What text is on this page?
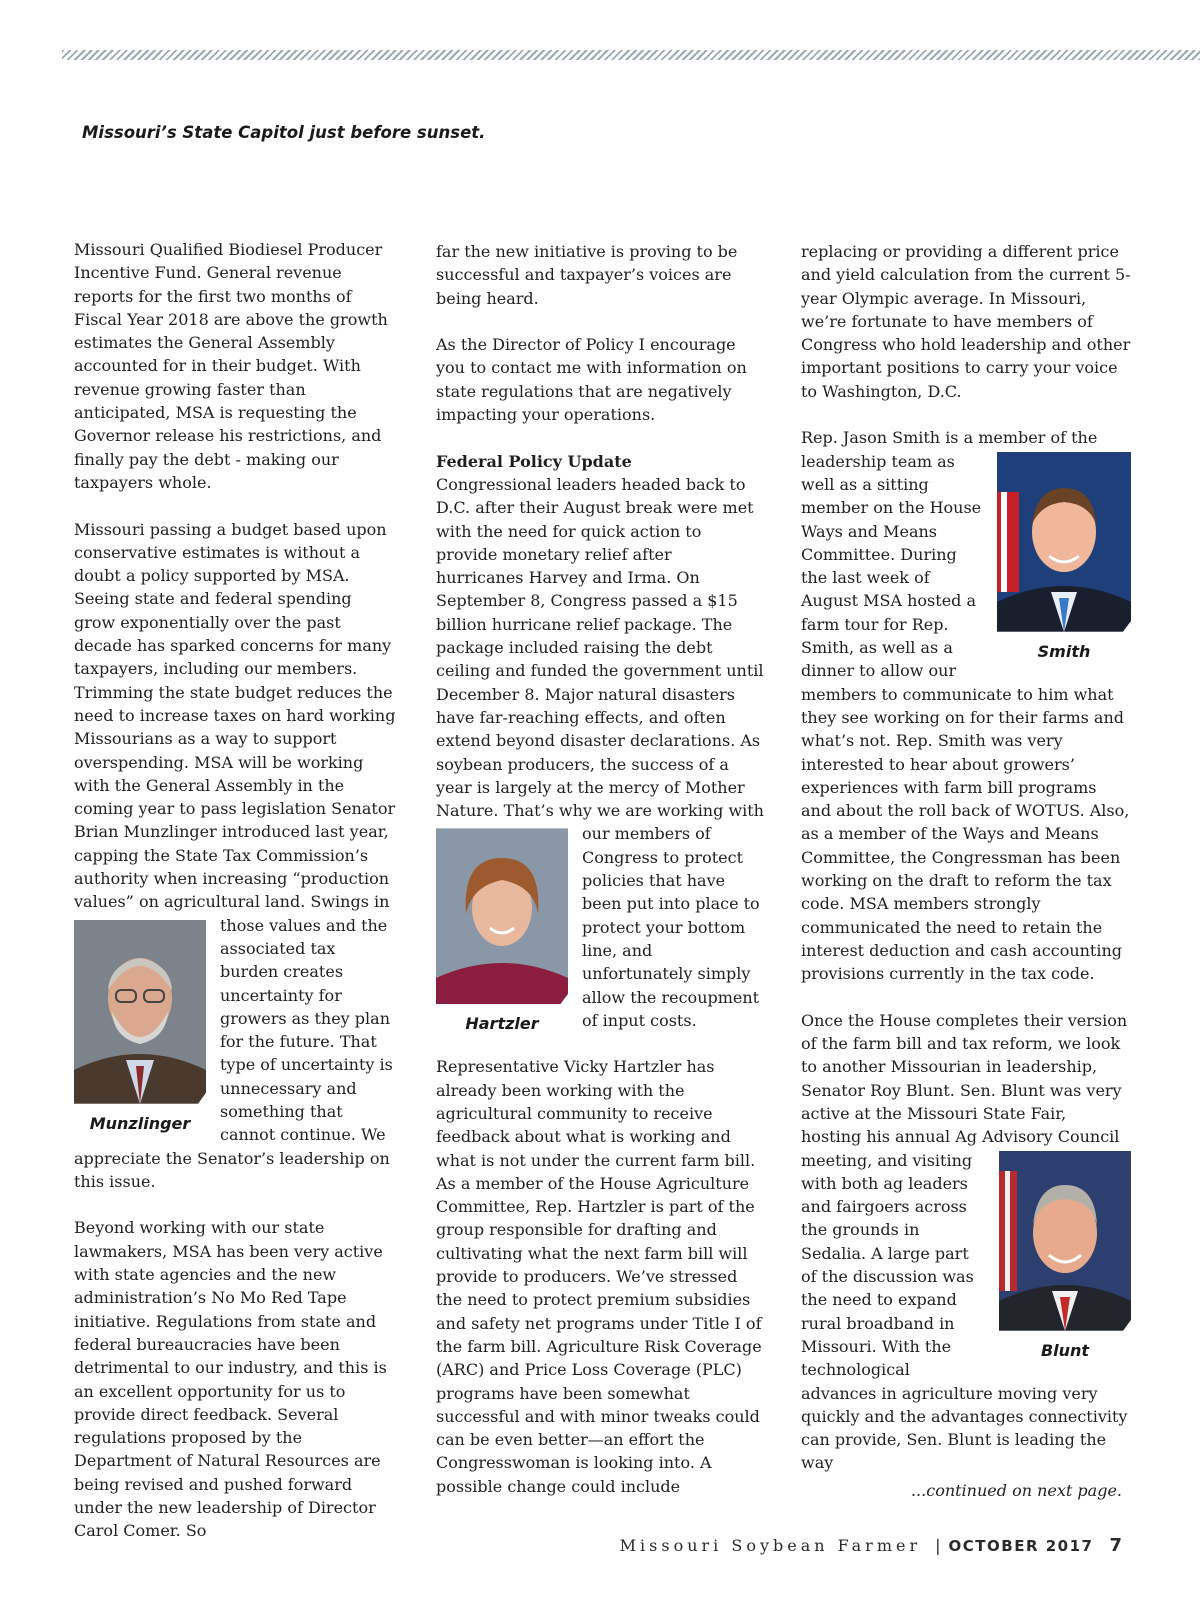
Missouri’s State Capitol just before sunset.

Missouri Qualified Biodiesel Producer Incentive Fund. General revenue reports for the first two months of Fiscal Year 2018 are above the growth estimates the General Assembly accounted for in their budget. With revenue growing faster than anticipated, MSA is requesting the Governor release his restrictions, and finally pay the debt - making our taxpayers whole.

Missouri passing a budget based upon conservative estimates is without a doubt a policy supported by MSA. Seeing state and federal spending grow exponentially over the past decade has sparked concerns for many taxpayers, including our members. Trimming the state budget reduces the need to increase taxes on hard working Missourians as a way to support overspending. MSA will be working with the General Assembly in the coming year to pass legislation Senator Brian Munzlinger introduced last year, capping the State Tax Commission’s authority when increasing “production values” on agricultural land. Swings
Munzlinger
in those values and the associated tax burden creates uncertainty for growers as they plan for the future. That type of uncertainty is unnecessary and something that cannot continue. We appreciate the Senator’s leadership on this issue.

Beyond working with our state lawmakers, MSA has been very active with state agencies and the new administration’s No Mo Red Tape initiative. Regulations from state and federal bureaucracies have been detrimental to our industry, and this is an excellent opportunity for us to provide direct feedback. Several regulations proposed by the Department of Natural Resources are being revised and pushed forward under the new leadership of Director Carol Comer. So

far the new initiative is proving to be successful and taxpayer’s voices are being heard.

As the Director of Policy I encourage you to contact me with information on state regulations that are negatively impacting your operations.

Federal Policy Update
Congressional leaders headed back to D.C. after their August break were met with the need for quick action to provide monetary relief after hurricanes Harvey and Irma. On September 8, Congress passed a $15 billion hurricane relief package. The package included raising the debt ceiling and funded the government until December 8. Major natural disasters have far-reaching effects, and often extend beyond disaster declarations. As soybean producers, the success of a year is largely at the mercy of Mother Nature. That’s why we are
Hartzler
working with our members of Congress to protect policies that have been put into place to protect your bottom line, and unfortunately simply allow the recoupment of input costs.

Representative Vicky Hartzler has already been working with the agricultural community to receive feedback about what is working and what is not under the current farm bill. As a member of the House Agriculture Committee, Rep. Hartzler is part of the group responsible for drafting and cultivating what the next farm bill will provide to producers. We’ve stressed the need to protect premium subsidies and safety net programs under Title I of the farm bill. Agriculture Risk Coverage (ARC) and Price Loss Coverage (PLC) programs have been somewhat successful and with minor tweaks could can be even better—an effort the Congresswoman is looking into. A possible change could include

replacing or providing a different price and yield calculation from the current 5-year Olympic average. In Missouri, we’re fortunate to have members of Congress who hold leadership and other important positions to carry your voice to Washington, D.C.

Rep. Jason Smith is a member of the leadership team
Smith
as well as a sitting member on the House Ways and Means Committee. During the last week of August MSA hosted a farm tour for Rep. Smith, as well as a dinner to allow our members to communicate to him what they see working on for their farms and what’s not. Rep. Smith was very interested to hear about growers’ experiences with farm bill programs and about the roll back of WOTUS. Also, as a member of the Ways and Means Committee, the Congressman has been working on the draft to reform the tax code. MSA members strongly communicated the need to retain the interest deduction and cash accounting provisions currently in the tax code.
Once the House completes their version of the farm bill and tax reform, we look to another Missourian in leadership, Senator Roy Blunt. Sen. Blunt was very active at the Missouri State Fair, hosting his annual Ag Advisory
Blunt
Council meeting, and visiting with both ag leaders and fairgoers across the grounds in Sedalia. A large part of the discussion was the need to expand rural broadband in Missouri. With the technological advances in agriculture moving very quickly and the advantages connectivity can provide, Sen. Blunt is leading the way
...continued on next page.
Missouri Soybean Farmer | OCTOBER 2017 7
